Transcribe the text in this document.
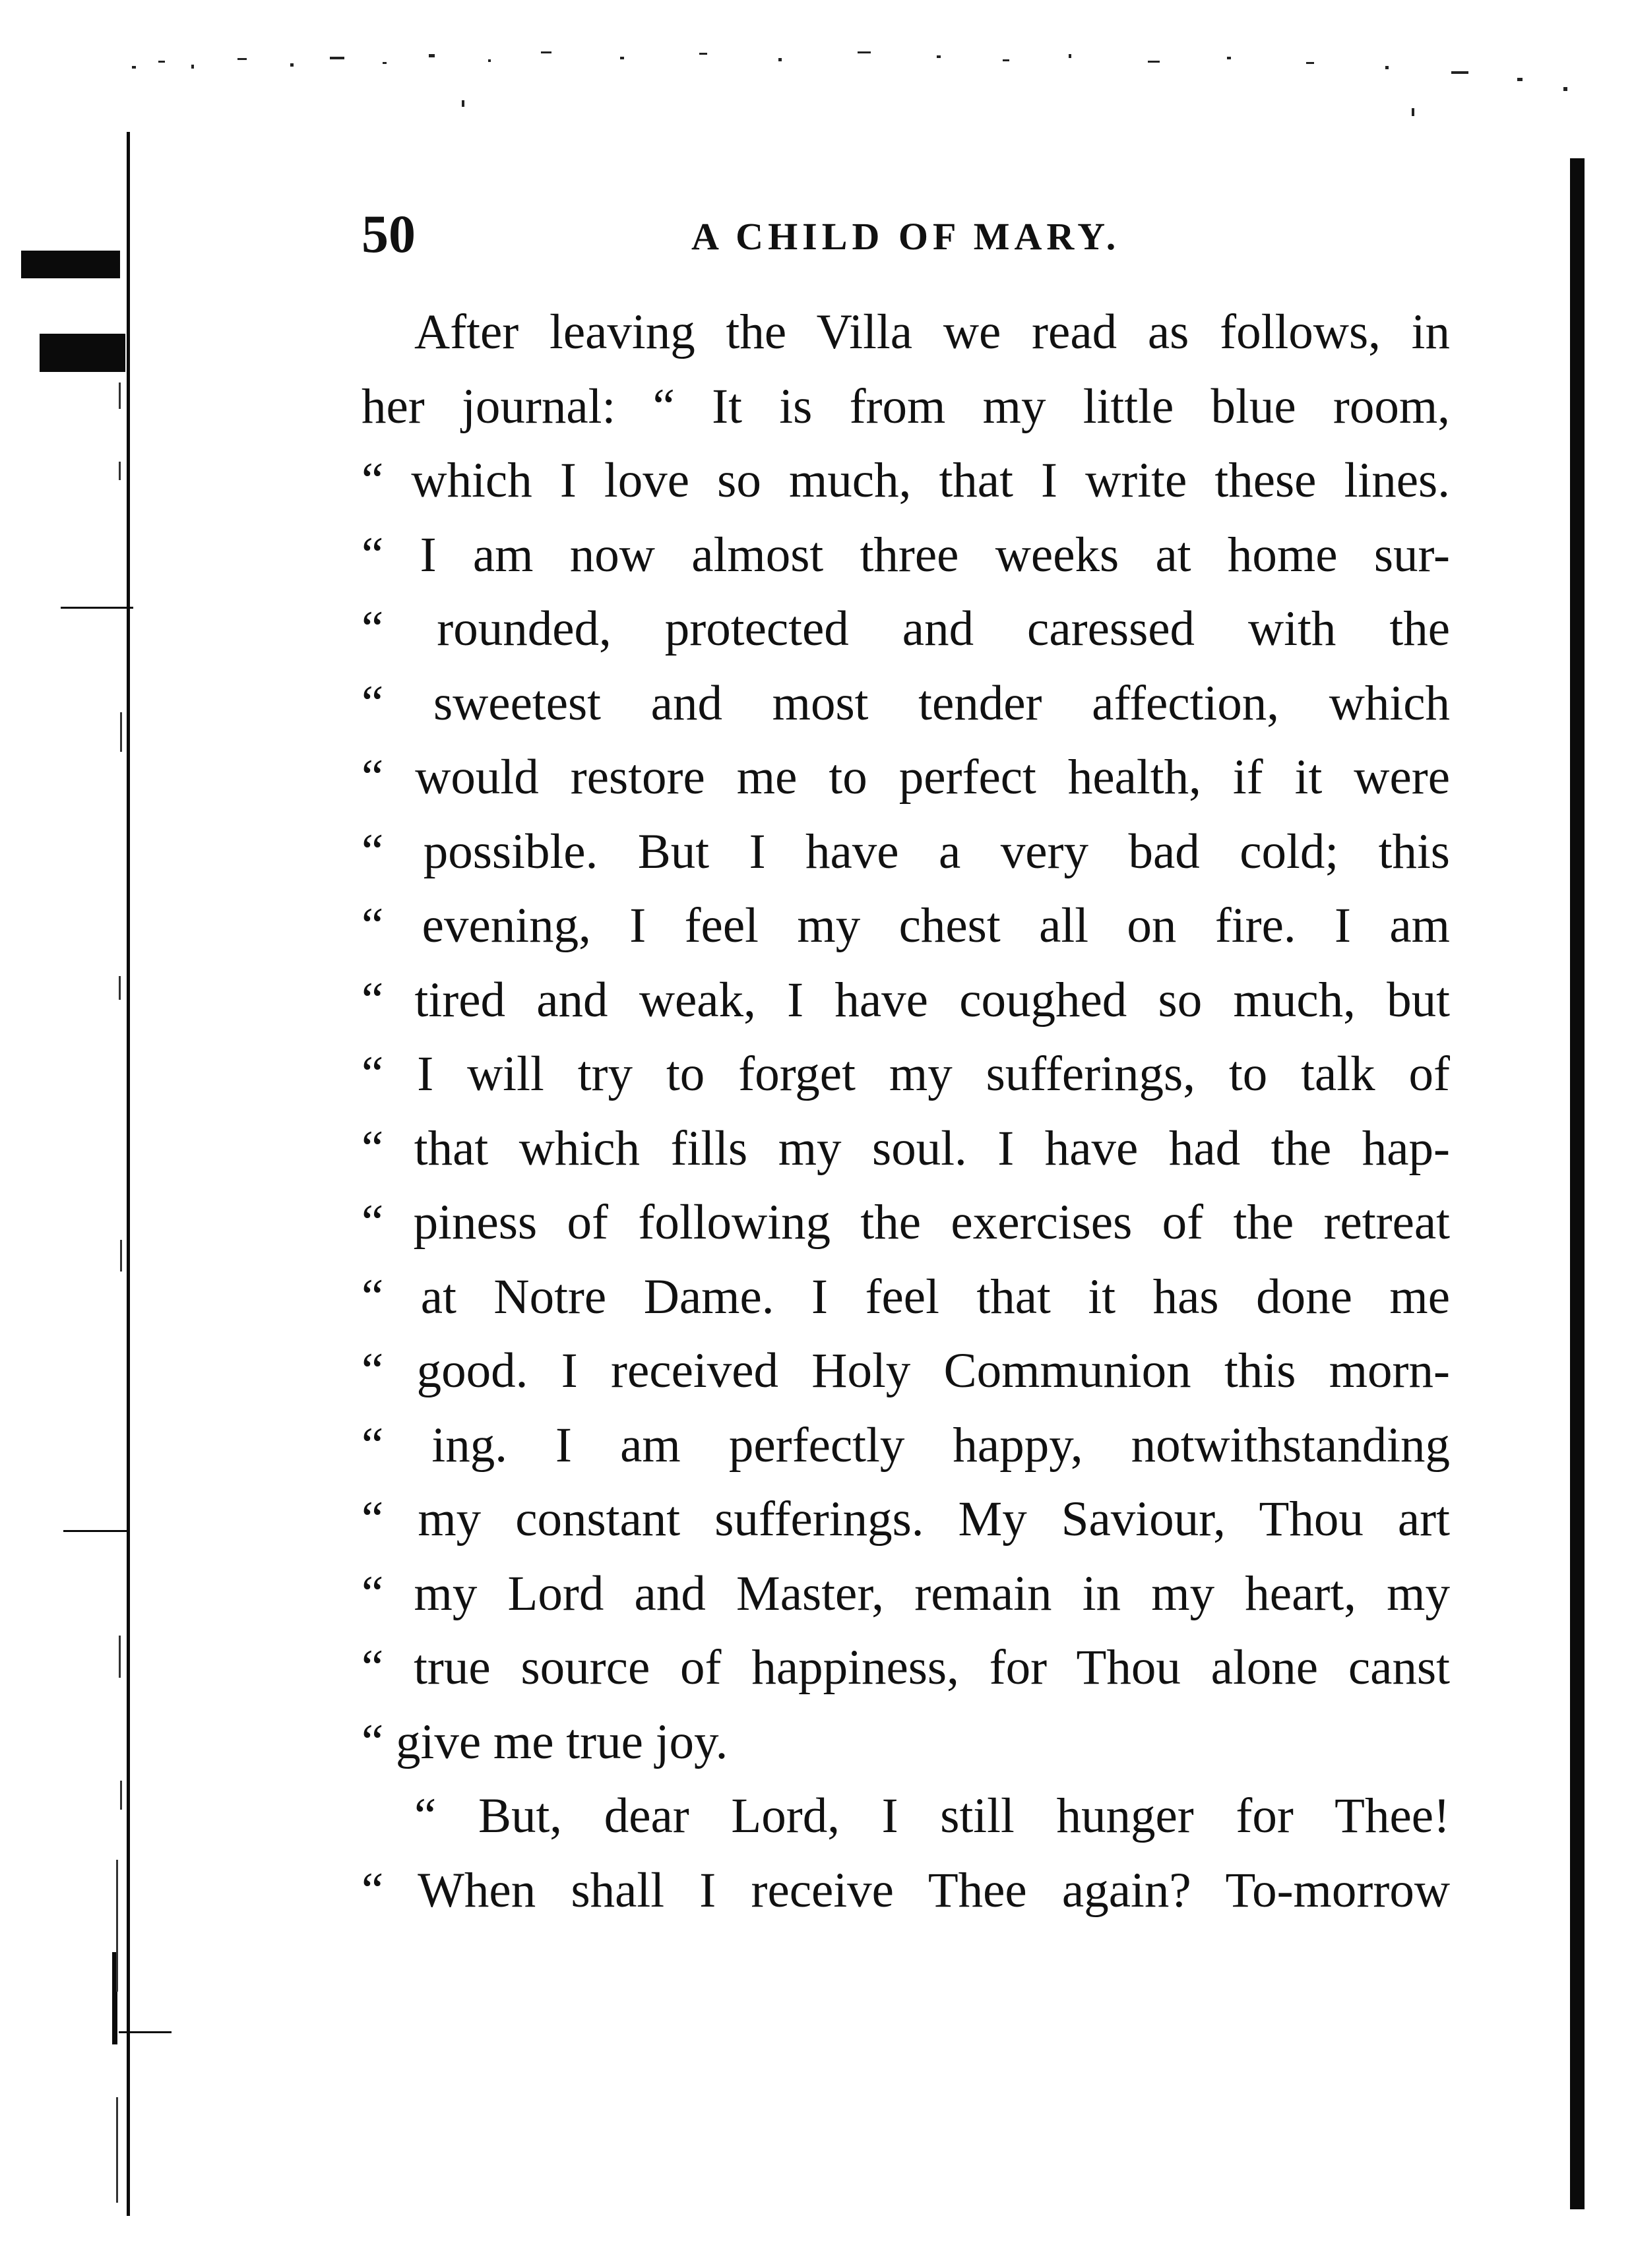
50	A CHILD OF MARY.
After leaving the Villa we read as follows, in
her journal: “ It is from my little blue room,
“ which I love so much, that I write these lines.
“ I am now almost three weeks at home sur-
“ rounded, protected and caressed with the
“ sweetest and most tender affection, which
“ would restore me to perfect health, if it were
“ possible. But I have a very bad cold; this
“ evening, I feel my chest all on fire. I am
“ tired and weak, I have coughed so much, but
“ I will try to forget my sufferings, to talk of
“ that which fills my soul. I have had the hap-
“ piness of following the exercises of the retreat
“ at Notre Dame. I feel that it has done me
“ good. I received Holy Communion this morn-
“ ing. I am perfectly happy, notwithstanding
“ my constant sufferings. My Saviour, Thou art
“ my Lord and Master, remain in my heart, my
“ true source of happiness, for Thou alone canst
“ give me true joy.
“ But, dear Lord, I still hunger for Thee!
“ When shall I receive Thee again? To-morrow
